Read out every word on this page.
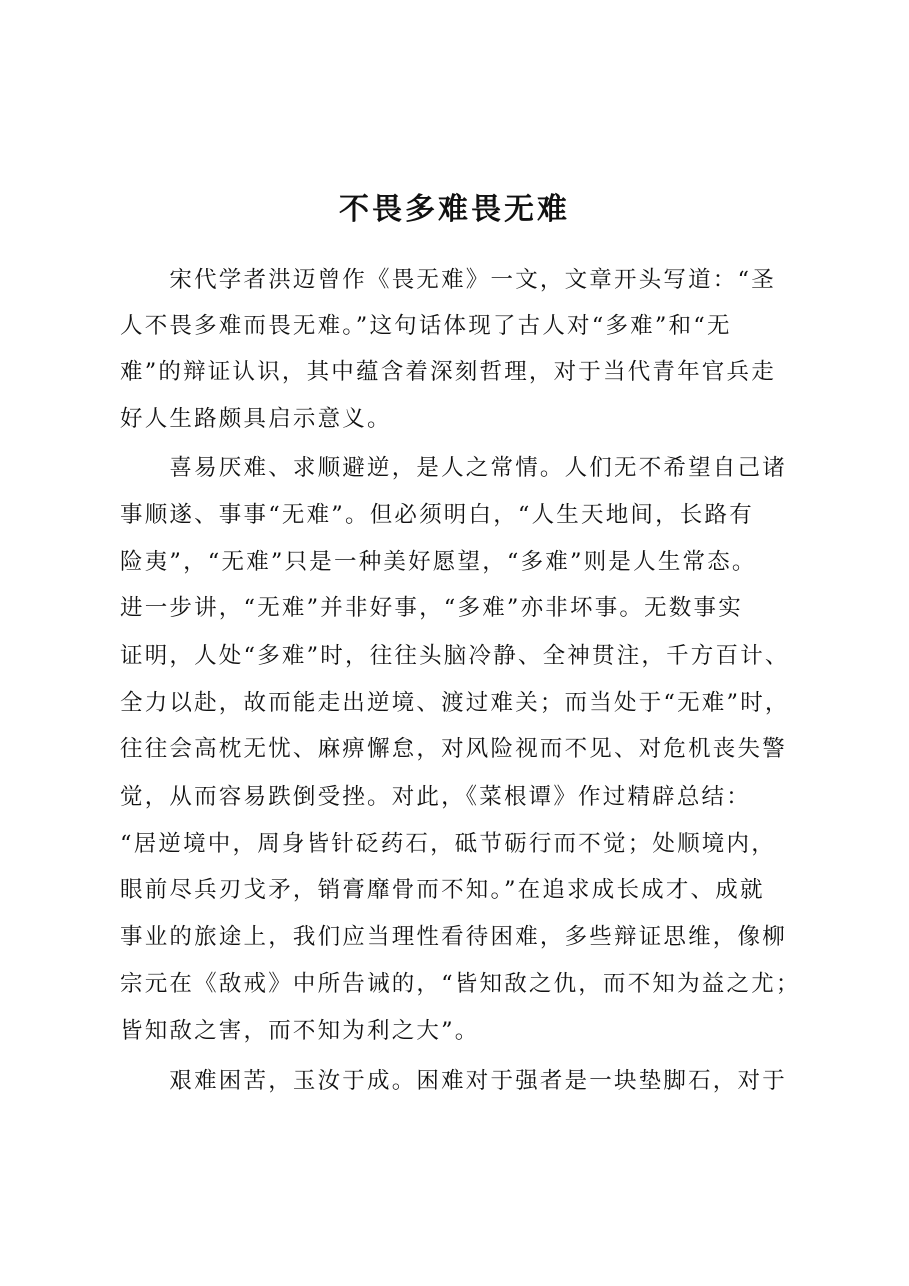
不畏多难畏无难
　　宋代学者洪迈曾作《畏无难》一文，文章开头写道：“圣
人不畏多难而畏无难。”这句话体现了古人对“多难”和“无
难”的辩证认识，其中蕴含着深刻哲理，对于当代青年官兵走
好人生路颇具启示意义。
　　喜易厌难、求顺避逆，是人之常情。人们无不希望自己诸
事顺遂、事事“无难”。但必须明白，“人生天地间，长路有
险夷”，“无难”只是一种美好愿望，“多难”则是人生常态。
进一步讲，“无难”并非好事，“多难”亦非坏事。无数事实
证明，人处“多难”时，往往头脑冷静、全神贯注，千方百计、
全力以赴，故而能走出逆境、渡过难关；而当处于“无难”时，
往往会高枕无忧、麻痹懈怠，对风险视而不见、对危机丧失警
觉，从而容易跌倒受挫。对此，《菜根谭》作过精辟总结：
“居逆境中，周身皆针砭药石，砥节砺行而不觉；处顺境内，
眼前尽兵刃戈矛，销膏靡骨而不知。”在追求成长成才、成就
事业的旅途上，我们应当理性看待困难，多些辩证思维，像柳
宗元在《敌戒》中所告诫的，“皆知敌之仇，而不知为益之尤；
皆知敌之害，而不知为利之大”。
　　艰难困苦，玉汝于成。困难对于强者是一块垫脚石，对于
